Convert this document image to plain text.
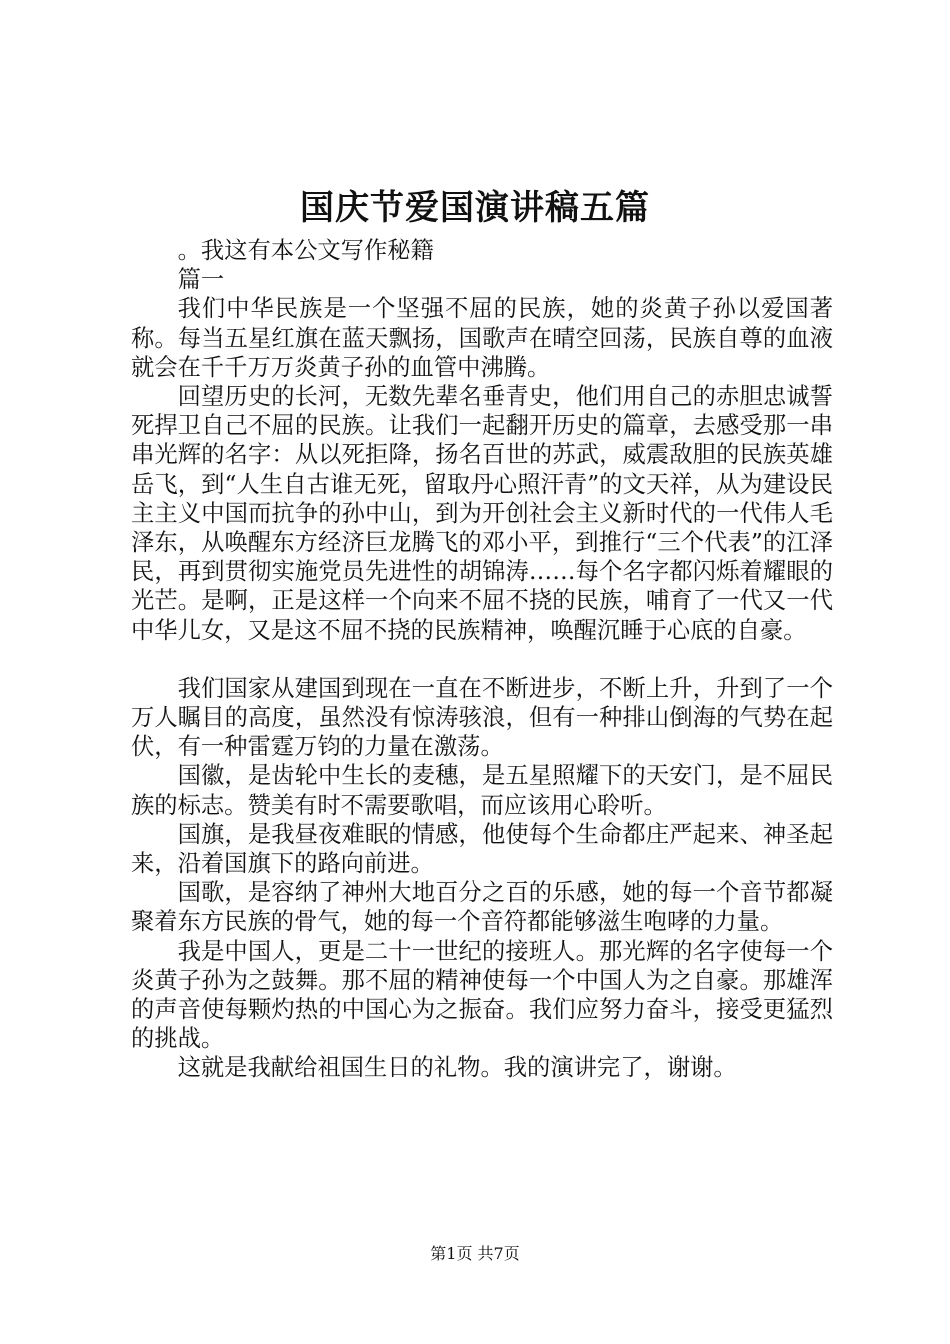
国庆节爱国演讲稿五篇

。我这有本公文写作秘籍

篇一

我们中华民族是一个坚强不屈的民族，她的炎黄子孙以爱国著称。每当五星红旗在蓝天飘扬，国歌声在晴空回荡，民族自尊的血液就会在千千万万炎黄子孙的血管中沸腾。

回望历史的长河，无数先辈名垂青史，他们用自己的赤胆忠诚誓死捍卫自己不屈的民族。让我们一起翻开历史的篇章，去感受那一串串光辉的名字：从以死拒降，扬名百世的苏武，威震敌胆的民族英雄岳飞，到“人生自古谁无死，留取丹心照汗青”的文天祥，从为建设民主主义中国而抗争的孙中山，到为开创社会主义新时代的一代伟人毛泽东，从唤醒东方经济巨龙腾飞的邓小平，到推行“三个代表”的江泽民，再到贯彻实施党员先进性的胡锦涛……每个名字都闪烁着耀眼的光芒。是啊，正是这样一个向来不屈不挠的民族，哺育了一代又一代中华儿女，又是这不屈不挠的民族精神，唤醒沉睡于心底的自豪。

我们国家从建国到现在一直在不断进步，不断上升，升到了一个万人瞩目的高度，虽然没有惊涛骇浪，但有一种排山倒海的气势在起伏，有一种雷霆万钧的力量在激荡。

国徽，是齿轮中生长的麦穗，是五星照耀下的天安门，是不屈民族的标志。赞美有时不需要歌唱，而应该用心聆听。

国旗，是我昼夜难眠的情感，他使每个生命都庄严起来、神圣起来，沿着国旗下的路向前进。

国歌，是容纳了神州大地百分之百的乐感，她的每一个音节都凝聚着东方民族的骨气，她的每一个音符都能够滋生咆哮的力量。

我是中国人，更是二十一世纪的接班人。那光辉的名字使每一个炎黄子孙为之鼓舞。那不屈的精神使每一个中国人为之自豪。那雄浑的声音使每颗灼热的中国心为之振奋。我们应努力奋斗，接受更猛烈的挑战。

这就是我献给祖国生日的礼物。我的演讲完了，谢谢。

第1页 共7页
